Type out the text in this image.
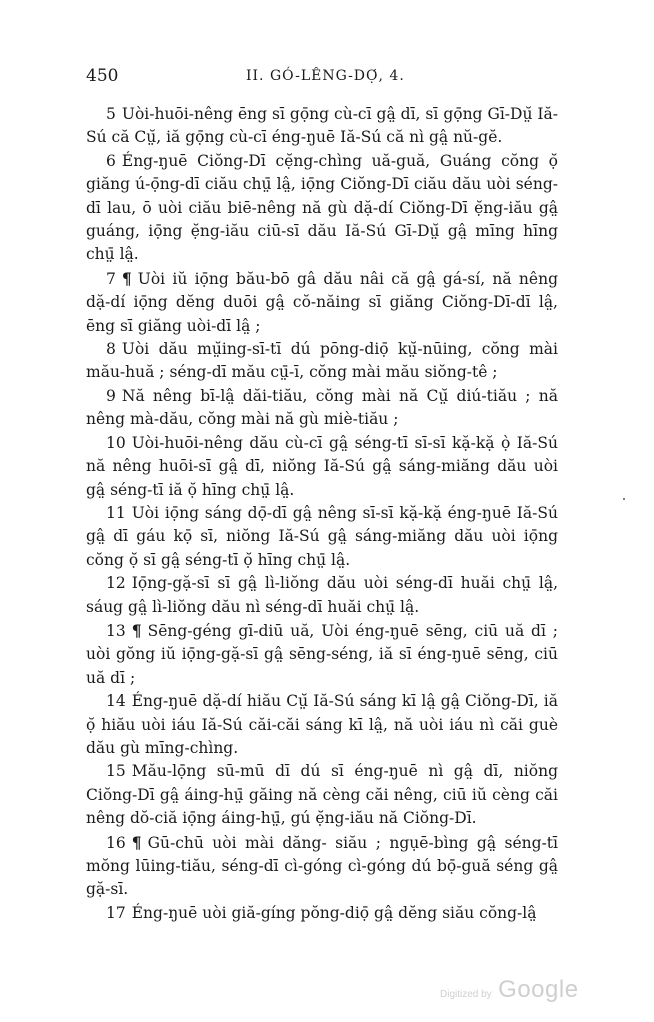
450	II. GÓ-LÊNG-DỌ́, 4.

5 Uòi-huōi-nêng ēng sī gọ̄ng cù-cī gâ̤ dī, sī gọ̄ng Gī-Dṳ̆ Iă-Sú că Cṳ̆, iă gọ̄ng cù-cī éng-ŋuē Iă-Sú că nì gâ̤ nŭ-gĕ.

6 Éng-ŋuē Ciŏng-Dī cẹ̆ng-chìng uă-guă, Guáng cŏng ọ̆ giăng ú-ọ̄ng-dī ciău chṳ̄ lâ̤, iọ̄ng Ciŏng-Dī ciău dău uòi séng-dī lau, ō uòi ciău biē-nêng nă gù dặ-dí Ciŏng-Dī ẹ̆ng-iău gâ̤ guáng, iọ̄ng ẹ̆ng-iău ciū-sī dău Iă-Sú Gī-Dṳ̆ gâ̤ mīng hīng chṳ̄ lâ̤.

7 ¶ Uòi iŭ iọ̄ng bău-bō gâ dău nâi că gâ̤ gá-sí, nă nêng dặ-dí iọ̄ng dĕng duōi gâ̤ cŏ-năing sī giăng Ciŏng-Dī-dī lâ̤, ēng sī giăng uòi-dī lâ̤ ;

8 Uòi dău mṳ̆ing-sī-tī dú pōng-diọ̄ kṳ̆-nūing, cŏng mài mău-huă ; séng-dī mău cṳ̄-ī, cŏng mài mău siŏng-tê ;

9 Nă nêng bī-lâ̤ dăi-tiău, cŏng mài nă Cṳ̆ diú-tiău ; nă nêng mà-dău, cŏng mài nă gù miè-tiău ;

10 Uòi-huōi-nêng dău cù-cī gâ̤ séng-tī sī-sī kặ-kặ ọ̀ Iă-Sú nă nêng huōi-sī gâ̤ dī, niŏng Iă-Sú gâ̤ sáng-miăng dău uòi gâ̤ séng-tī iă ọ̆ hīng chṳ̄ lâ̤.

11 Uòi iọ̄ng sáng dọ̄-dī gâ̤ nêng sī-sī kặ-kặ éng-ŋuē Iă-Sú gâ̤ dī gáu kọ̄ sī, niŏng Iă-Sú gâ̤ sáng-miăng dău uòi iọ̄ng cŏng ọ̆ sī gâ̤ séng-tī ọ̆ hīng chṳ̄ lâ̤.

12 Iọ̄ng-gặ-sī sī gâ̤ lì-liŏng dău uòi séng-dī huăi chṳ̄ lâ̤, sáug gâ̤ lì-liŏng dău nì séng-dī huăi chṳ̄ lâ̤.

13 ¶ Sēng-géng gī-diū uă, Uòi éng-ŋuē sēng, ciū uă dī ; uòi gŏng iŭ iọ̄ng-gặ-sī gâ̤ sēng-séng, iă sī éng-ŋuē sēng, ciū uă dī ;

14 Éng-ŋuē dặ-dí hiău Cṳ̆ Iă-Sú sáng kī lâ̤ gâ̤ Ciŏng-Dī, iă ọ̆ hiău uòi iáu Iă-Sú căi-căi sáng kī lâ̤, nă uòi iáu nì căi guè dău gù mīng-chìng.

15 Mău-lọ̄ng sū-mū dī dú sī éng-ŋuē nì gâ̤ dī, niŏng Ciŏng-Dī gâ̤ áing-hṳ̄ găing nă cèng căi nêng, ciū iŭ cèng căi nêng dŏ-ciă iọ̄ng áing-hṳ̄, gú ẹ̆ng-iău nă Ciŏng-Dī.

16 ¶ Gū-chū uòi mài dăng- siău ; ngụē-bìng gâ̤ séng-tī mŏng lūing-tiău, séng-dī cì-góng cì-góng dú bọ̄-guă séng gâ̤ gặ-sī.

17 Éng-ŋuē uòi giă-gíng pŏng-diọ̄ gâ̤ dĕng siău cŏng-lâ̤

Digitized by Google
